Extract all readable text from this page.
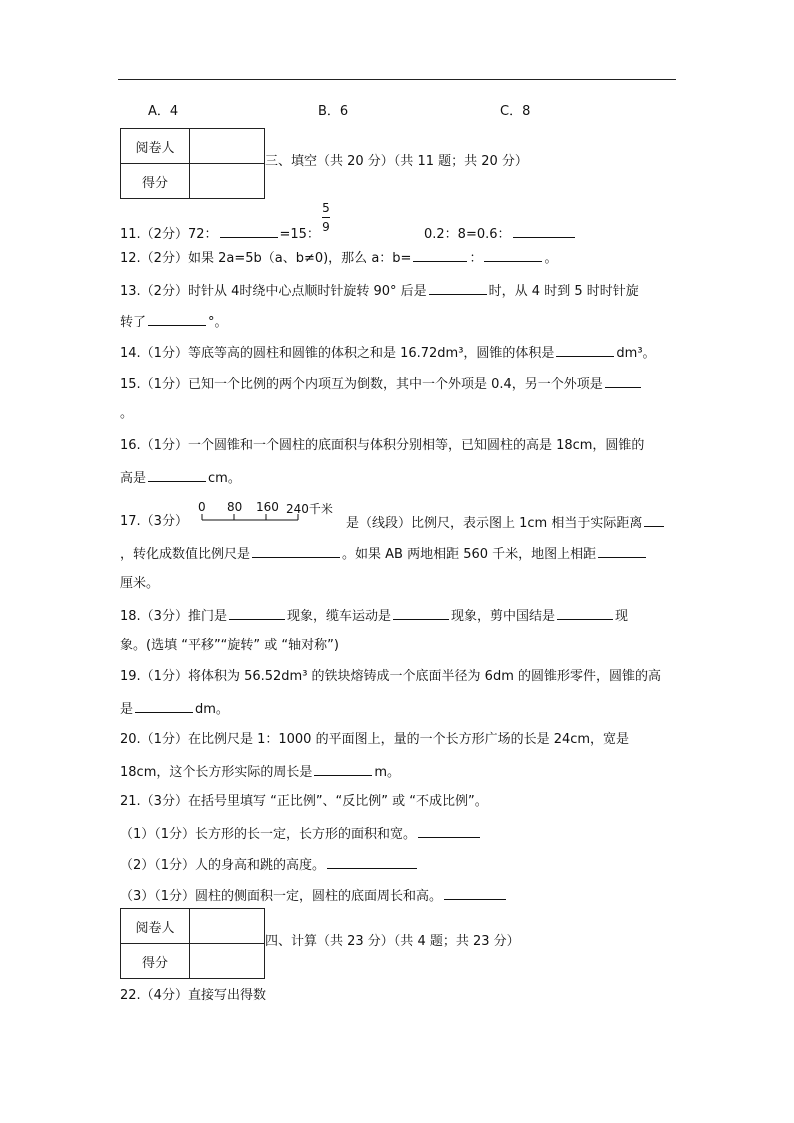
A．4	B．6	C．8
阅卷人	
得分	
三、填空（共 20 分）（共 11 题；共 20 分）
11.（2分）72：	=15：
5
9	0.2：8=0.6：
12.（2分）如果 2a=5b（a、b≠0)，那么 a：b=	：	。
13.（2分）时针从 4时绕中心点顺时针旋转 90° 后是	时，从 4 时到 5 时时针旋
转了	°。
14.（1分）等底等高的圆柱和圆锥的体积之和是 16.72dm³，圆锥的体积是	dm³。
15.（1分）已知一个比例的两个内项互为倒数，其中一个外项是 0.4，另一个外项是
。
16.（1分）一个圆锥和一个圆柱的底面积与体积分别相等，已知圆柱的高是 18cm，圆锥的
高是	cm。
17.（3分）
0 80 160 240千米
是（线段）比例尺，表示图上 1cm 相当于实际距离
，转化成数值比例尺是	。如果 AB 两地相距 560 千米，地图上相距
厘米。
18.（3分）推门是	现象，缆车运动是	现象，剪中国结是	现
象。(选填 “平移”“旋转” 或 “轴对称”)
19.（1分）将体积为 56.52dm³ 的铁块熔铸成一个底面半径为 6dm 的圆锥形零件，圆锥的高
是	dm。
20.（1分）在比例尺是 1：1000 的平面图上，量的一个长方形广场的长是 24cm，宽是
18cm，这个长方形实际的周长是	m。
21.（3分）在括号里填写 “正比例”、“反比例” 或 “不成比例”。
（1）（1分）长方形的长一定，长方形的面积和宽。
（2）（1分）人的身高和跳的高度。
（3）（1分）圆柱的侧面积一定，圆柱的底面周长和高。
阅卷人	
得分	
四、计算（共 23 分）（共 4 题；共 23 分）
22.（4分）直接写出得数
